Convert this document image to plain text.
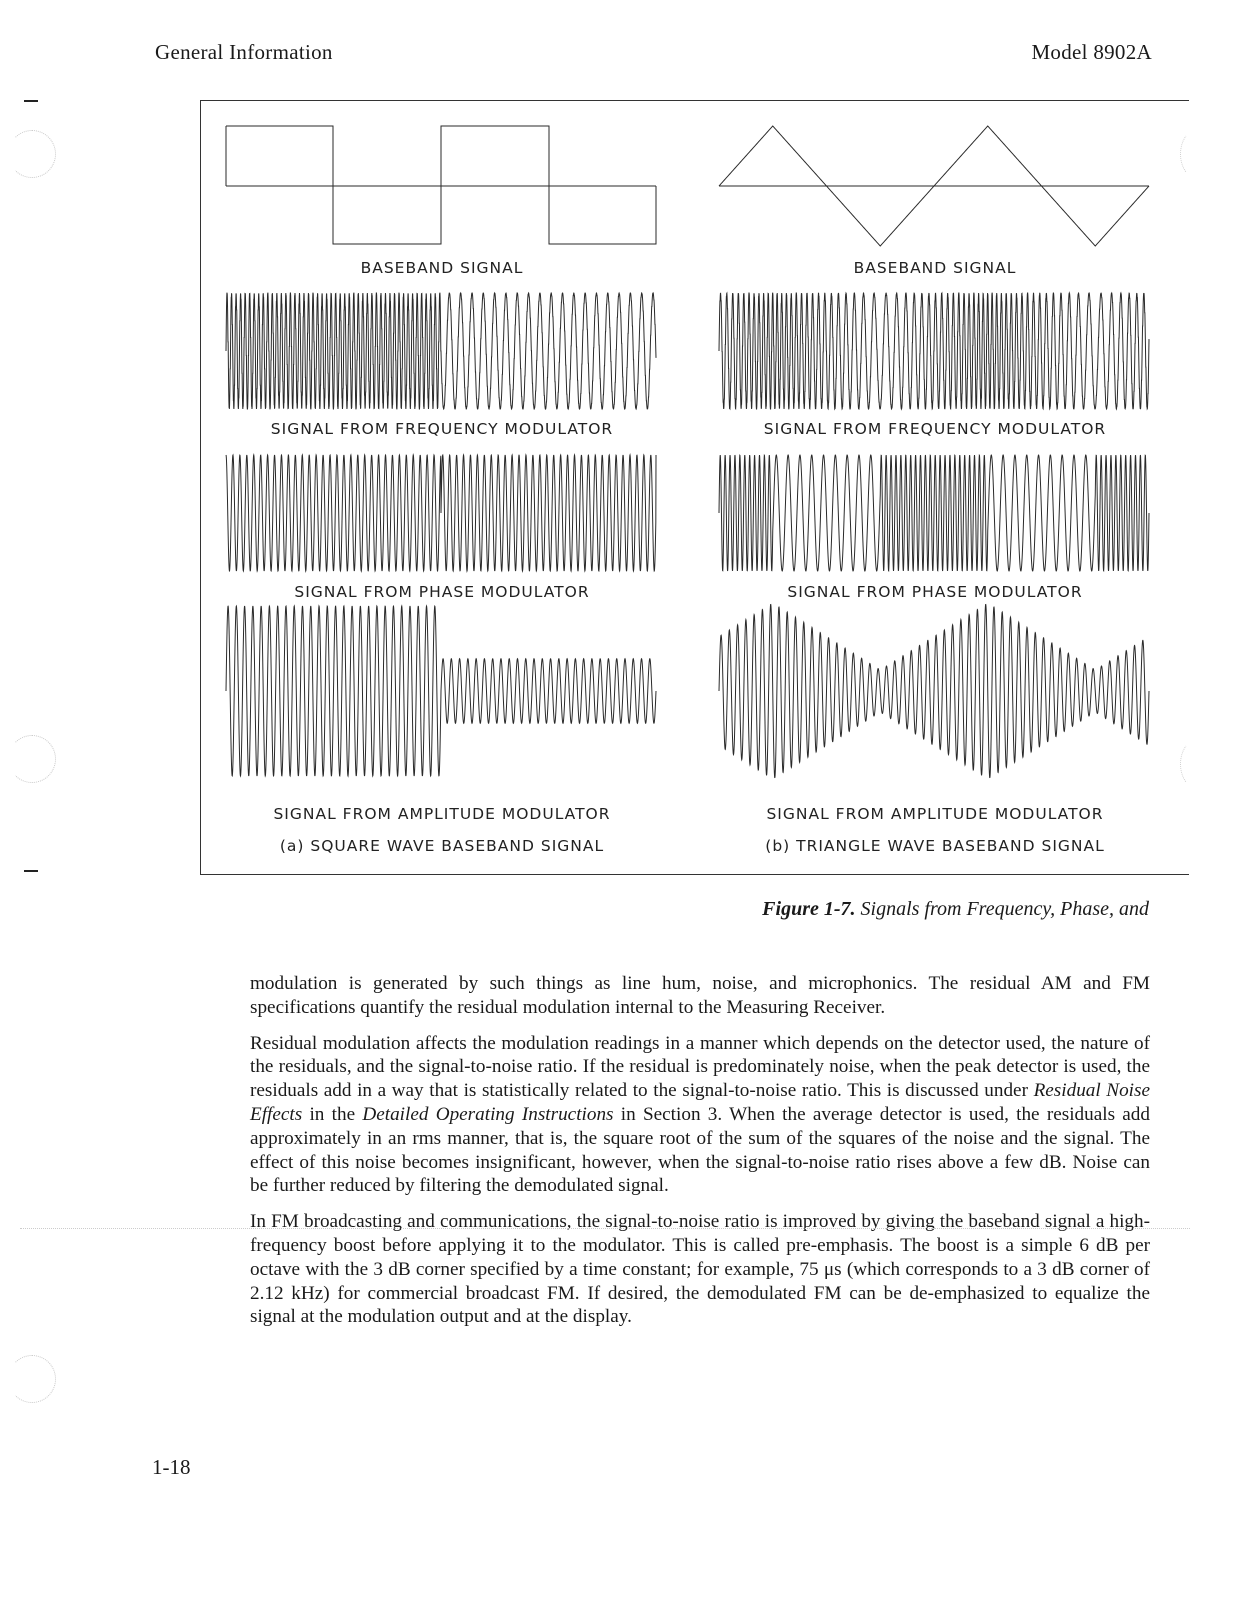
General Information	Model 8902A
BASEBAND SIGNAL
SIGNAL FROM FREQUENCY MODULATOR
SIGNAL FROM PHASE MODULATOR
SIGNAL FROM AMPLITUDE MODULATOR
(a) SQUARE WAVE BASEBAND SIGNAL
BASEBAND SIGNAL
SIGNAL FROM FREQUENCY MODULATOR
SIGNAL FROM PHASE MODULATOR
SIGNAL FROM AMPLITUDE MODULATOR
(b) TRIANGLE WAVE BASEBAND SIGNAL
Figure 1-7. Signals from Frequency, Phase, and

modulation is generated by such things as line hum, noise, and microphonics. The residual AM and FM specifications quantify the residual modulation internal to the Measuring Receiver.

Residual modulation affects the modulation readings in a manner which depends on the detector used, the nature of the residuals, and the signal-to-noise ratio. If the residual is predominately noise, when the peak detector is used, the residuals add in a way that is statistically related to the signal-to-noise ratio. This is discussed under Residual Noise Effects in the Detailed Operating Instructions in Section 3. When the average detector is used, the residuals add approximately in an rms manner, that is, the square root of the sum of the squares of the noise and the signal. The effect of this noise becomes insignificant, however, when the signal-to-noise ratio rises above a few dB. Noise can be further reduced by filtering the demodulated signal.

In FM broadcasting and communications, the signal-to-noise ratio is improved by giving the baseband signal a high-frequency boost before applying it to the modulator. This is called pre-emphasis. The boost is a simple 6 dB per octave with the 3 dB corner specified by a time constant; for example, 75 μs (which corresponds to a 3 dB corner of 2.12 kHz) for commercial broadcast FM. If desired, the demodulated FM can be de-emphasized to equalize the signal at the modulation output and at the display.

1-18
